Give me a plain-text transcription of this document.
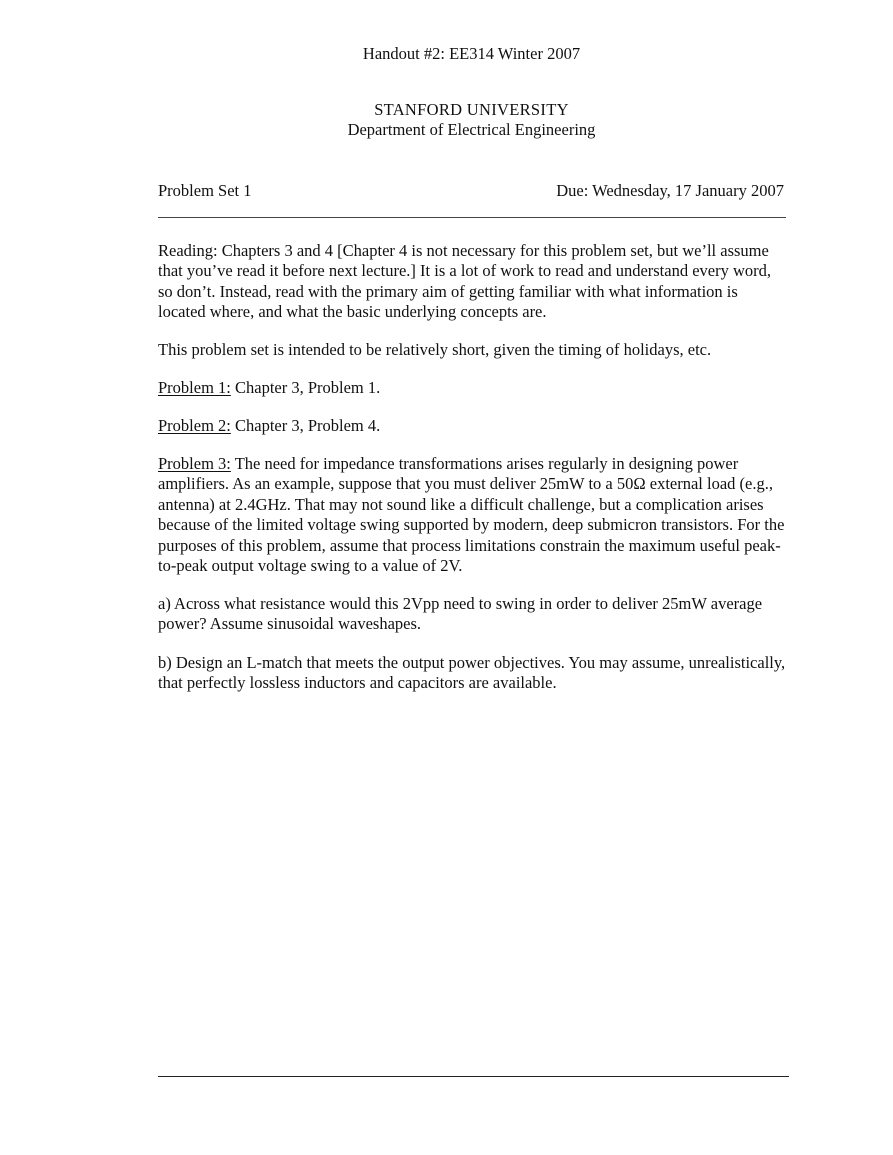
Handout #2: EE314 Winter 2007
STANFORD UNIVERSITY
Department of Electrical Engineering
Problem Set 1	Due: Wednesday, 17 January 2007

Reading: Chapters 3 and 4 [Chapter 4 is not necessary for this problem set, but we’ll assume that you’ve read it before next lecture.] It is a lot of work to read and understand every word, so don’t. Instead, read with the primary aim of getting familiar with what information is located where, and what the basic underlying concepts are.

This problem set is intended to be relatively short, given the timing of holidays, etc.

Problem 1: Chapter 3, Problem 1.

Problem 2: Chapter 3, Problem 4.

Problem 3: The need for impedance transformations arises regularly in designing power amplifiers. As an example, suppose that you must deliver 25mW to a 50Ω external load (e.g., antenna) at 2.4GHz. That may not sound like a difficult challenge, but a complication arises because of the limited voltage swing supported by modern, deep submicron transistors. For the purposes of this problem, assume that process limitations constrain the maximum useful peak-to-peak output voltage swing to a value of 2V.

a) Across what resistance would this 2Vpp need to swing in order to deliver 25mW average power? Assume sinusoidal waveshapes.

b) Design an L-match that meets the output power objectives. You may assume, unrealistically, that perfectly lossless inductors and capacitors are available.
